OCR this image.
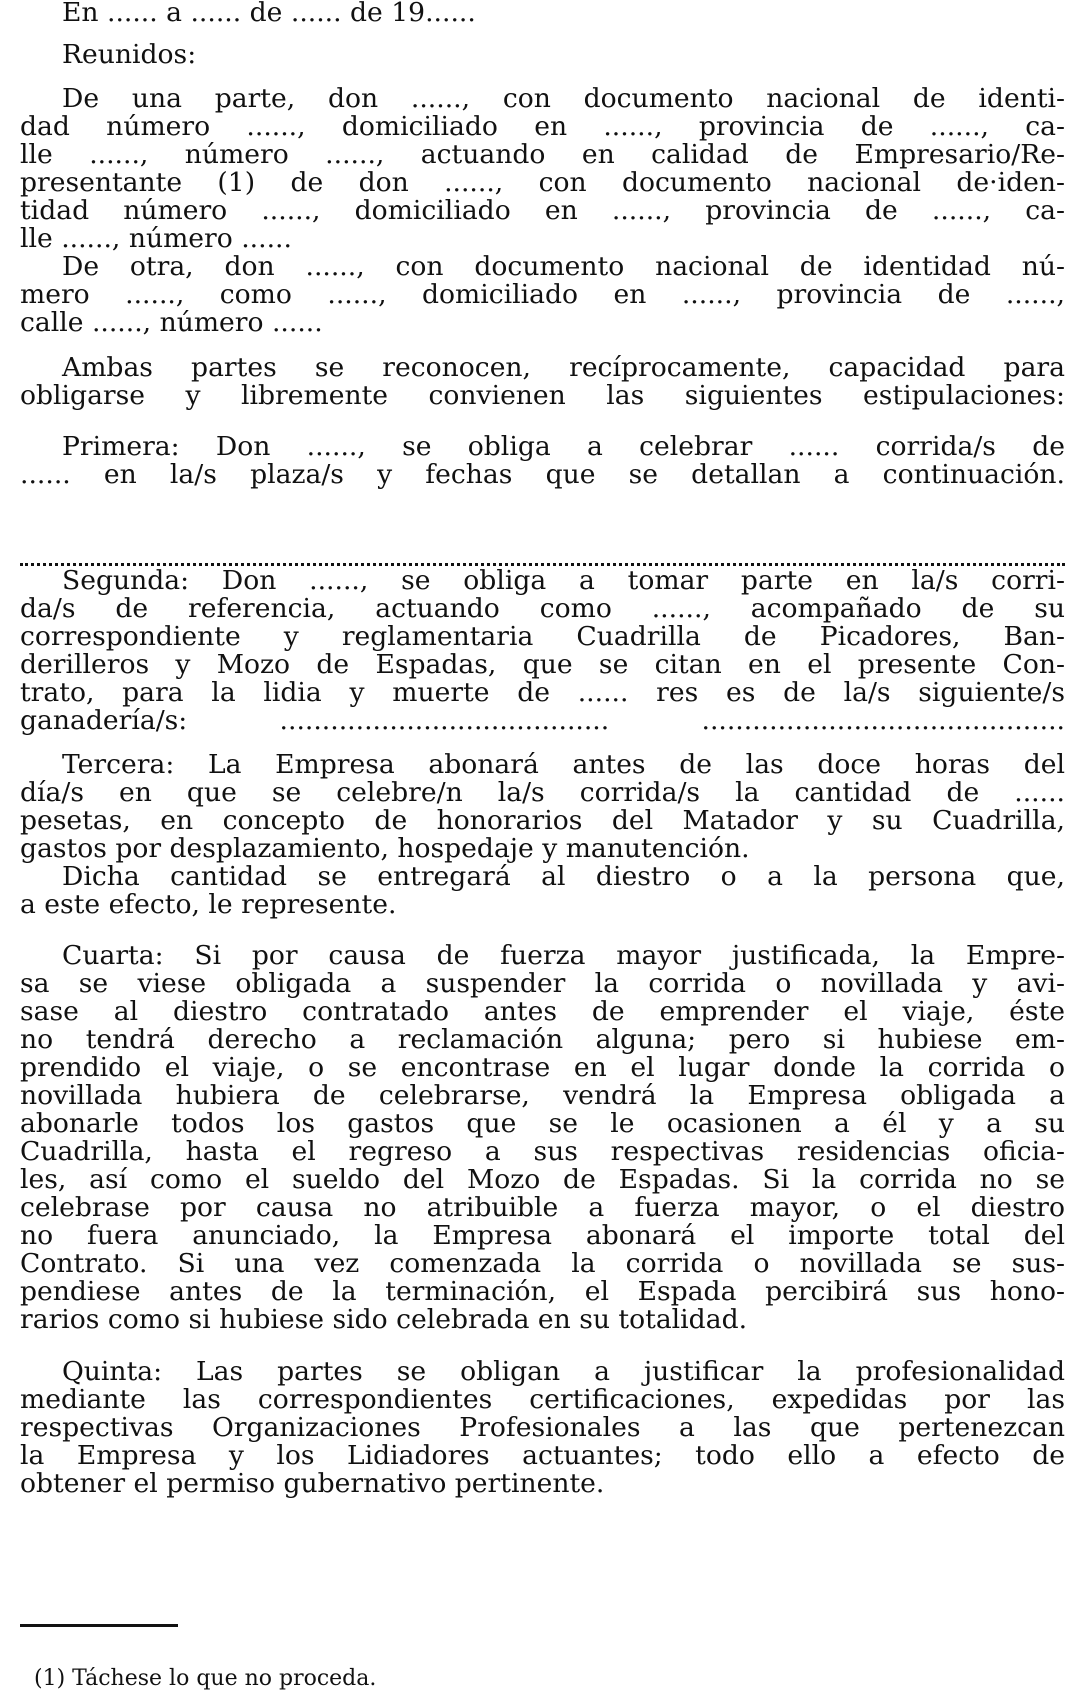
En ...... a ...... de ...... de 19......
Reunidos:
De una parte, don ......, con documento nacional de identi-
dad número ......, domiciliado en ......, provincia de ......, ca-
lle ......, número ......, actuando en calidad de Empresario/Re-
presentante (1) de don ......, con documento nacional de·iden-
tidad número ......, domiciliado en ......, provincia de ......, ca-
lle ......, número ......
De otra, don ......, con documento nacional de identidad nú-
mero ......, como ......, domiciliado en ......, provincia de ......,
calle ......, número ......
Ambas partes se reconocen, recíprocamente, capacidad para
obligarse y libremente convienen las siguientes estipulaciones:
Primera: Don ......, se obliga a celebrar ...... corrida/s de
...... en la/s plaza/s y fechas que se detallan a continuación.
Segunda: Don ......, se obliga a tomar parte en la/s corri-
da/s de referencia, actuando como ......, acompañado de su
correspondiente y reglamentaria Cuadrilla de Picadores, Ban-
derilleros y Mozo de Espadas, que se citan en el presente Con-
trato, para la lidia y muerte de ...... res es de la/s siguiente/s
ganadería/s: ....................................... ...........................................
Tercera: La Empresa abonará antes de las doce horas del
día/s en que se celebre/n la/s corrida/s la cantidad de ......
pesetas, en concepto de honorarios del Matador y su Cuadrilla,
gastos por desplazamiento, hospedaje y manutención.
Dicha cantidad se entregará al diestro o a la persona que,
a este efecto, le represente.
Cuarta: Si por causa de fuerza mayor justificada, la Empre-
sa se viese obligada a suspender la corrida o novillada y avi-
sase al diestro contratado antes de emprender el viaje, éste
no tendrá derecho a reclamación alguna; pero si hubiese em-
prendido el viaje, o se encontrase en el lugar donde la corrida o
novillada hubiera de celebrarse, vendrá la Empresa obligada a
abonarle todos los gastos que se le ocasionen a él y a su
Cuadrilla, hasta el regreso a sus respectivas residencias oficia-
les, así como el sueldo del Mozo de Espadas. Si la corrida no se
celebrase por causa no atribuible a fuerza mayor, o el diestro
no fuera anunciado, la Empresa abonará el importe total del
Contrato. Si una vez comenzada la corrida o novillada se sus-
pendiese antes de la terminación, el Espada percibirá sus hono-
rarios como si hubiese sido celebrada en su totalidad.
Quinta: Las partes se obligan a justificar la profesionalidad
mediante las correspondientes certificaciones, expedidas por las
respectivas Organizaciones Profesionales a las que pertenezcan
la Empresa y los Lidiadores actuantes; todo ello a efecto de
obtener el permiso gubernativo pertinente.
(1) Táchese lo que no proceda.
